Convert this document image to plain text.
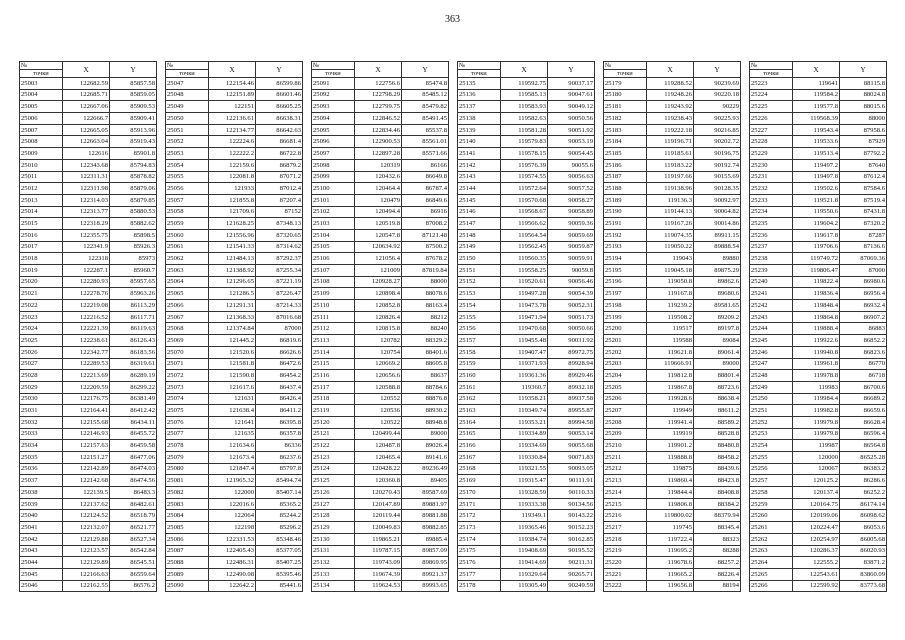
363
№	X	Y
точки		
25003	122682.59	85857.58
25004	122685.71	85859.05
25005	122667.06	85909.53
25006	122666.7	85909.41
25007	122665.05	85913.96
25008	122663.04	85919.43
25009	122616	85901.8
25010	122343.68	85794.83
25011	122311.31	85878.82
25012	122311.98	85879.06
25013	122314.03	85879.85
25014	122313.77	85880.53
25015	122318.29	85882.62
25016	122355.75	85898.5
25017	122341.9	85926.3
25018	122318	85973
25019	122287.1	85960.7
25020	122280.93	85957.65
25021	122278.76	85963.26
25022	122219.08	86113.29
25023	122216.52	86117.71
25024	122221.39	86119.63
25025	122238.61	86126.43
25026	122342.77	86183.56
25027	122289.53	86319.61
25028	122213.69	86289.19
25029	122209.59	86299.22
25030	122176.75	86381.49
25031	122164.41	86412.42
25032	122155.68	86434.11
25033	122146.93	86455.72
25034	122157.63	86459.58
25035	122151.27	86477.06
25036	122142.89	86474.03
25037	122142.68	86474.56
25038	122139.5	86483.3
25039	122137.62	86482.61
25040	122124.52	86518.79
25041	122132.07	86521.77
25042	122129.88	86527.34
25043	122123.57	86542.84
25044	122129.89	86545.51
25045	122166.63	86559.64
25046	122162.55	86576.2
№	X	Y
точки		
25047	122154.46	86599.86
25048	122151.89	86601.46
25049	122151	86605.25
25050	122136.61	86638.31
25051	122134.77	86642.63
25052	122224.6	86681.4
25053	122222.2	86722.8
25054	122159.6	86879.2
25055	122081.8	87071.2
25056	121933	87012.4
25057	121855.8	87207.4
25058	121709.6	87152
25059	121628.25	87348.13
25060	121556.96	87320.65
25061	121541.33	87314.62
25062	121484.13	87292.37
25063	121388.92	87255.34
25064	121296.65	87221.19
25065	121286.5	87226.47
25066	121291.31	87214.33
25067	121368.33	87016.68
25068	121374.84	87000
25069	121445.2	86819.6
25070	121520.6	86626.6
25071	121581.8	86472.6
25072	121590.8	86454.2
25073	121617.6	86437.4
25074	121631	86426.4
25075	121638.4	86411.2
25076	121641	86395.8
25077	121635	86357.8
25078	121634.6	86336
25079	121673.4	86237.6
25080	121847.4	85797.8
25081	121965.32	85494.74
25082	122000	85407.14
25083	122016.6	85365.2
25084	122064	85244.2
25085	122198	85296.2
25086	122331.53	85348.46
25087	122405.43	85377.05
25088	122486.31	85407.25
25089	122490.08	85395.46
25090	122642.2	85441.6
№	X	Y
точки		
25091	122756.6	85474.8
25092	122798.29	85485.12
25093	122799.75	85479.82
25094	122846.52	85491.45
25095	122834.46	85537.8
25096	122900.53	85561.01
25097	122897.28	85571.66
25098	120319	86166
25099	120432.6	86649.8
25100	120464.4	86787.4
25101	120479	86849.6
25102	120494.4	86916
25103	120519.8	87008.2
25104	120547.8	87121.48
25105	120634.92	87500.2
25106	121056.4	87678.2
25107	121009	87819.84
25108	120928.27	88000
25109	120898.4	88078.6
25110	120852.8	88163.4
25111	120826.4	88212
25112	120815.8	88240
25113	120782	88329.2
25114	120754	88401.6
25115	120669.2	88605.8
25116	120656.6	88637
25117	120588.8	88784.6
25118	120552	88876.8
25119	120536	88930.2
25120	120522	88948.8
25121	120499.44	89000
25122	120487.8	89026.4
25123	120465.4	89141.6
25124	120428.22	89236.49
25125	120360.8	89405
25126	120270.43	89587.69
25127	120147.89	89881.97
25128	120119.44	89881.88
25129	120049.83	89882.85
25130	119865.21	89885.4
25131	119787.15	89857.09
25132	119743.09	89869.95
25133	119674.39	89921.37
25134	119624.53	89993.65
№	X	Y
точки		
25135	119592.75	90037.17
25136	119585.13	90047.61
25137	119583.93	90049.12
25138	119582.63	90050.56
25139	119581.28	90051.92
25140	119579.83	90053.19
25141	119578.15	90054.45
25142	119576.39	90055.6
25143	119574.55	90056.63
25144	119572.64	90057.52
25145	119570.68	90058.27
25146	119568.67	90058.89
25147	119566.62	90059.36
25148	119564.54	90059.69
25149	119562.45	90059.87
25150	119560.35	90059.91
25151	119558.25	90059.8
25152	119520.61	90056.46
25153	119497.28	90054.39
25154	119473.78	90052.31
25155	119471.94	90051.73
25156	119470.68	90050.66
25157	119455.48	90031.92
25158	119407.47	89972.75
25159	119371.93	89928.94
25160	119361.36	89929.46
25161	119360.7	89932.18
25162	119358.21	89937.58
25163	119349.74	89955.87
25164	119353.21	89994.58
25165	119334.89	90053.14
25166	119334.69	90055.68
25167	119330.84	90071.83
25168	119321.55	90093.05
25169	119315.47	90111.91
25170	119328.59	90110.33
25171	119333.38	90134.56
25172	119349.1	90143.22
25173	119365.46	90152.23
25174	119384.74	90162.85
25175	119408.69	90195.52
25176	119414.69	90211.31
25177	119329.64	90265.71
25178	119305.49	90249.59
№	X	Y
точки		
25179	119288.52	90239.69
25180	119248.26	90220.18
25181	119243.92	90229
25182	119238.43	90225.93
25183	119222.18	90216.85
25184	119196.71	90202.72
25185	119185.61	90196.75
25186	119183.22	90192.74
25187	119197.66	90155.69
25188	119138.96	90128.35
25189	119136.3	90092.97
25190	119144.13	90064.82
25191	119167.26	90014.86
25192	119074.35	89911.15
25193	119050.22	89888.54
25194	119043	89880
25195	119045.18	89875.29
25196	119050.8	89862.6
25197	119167.8	89680.6
25198	119239.2	89581.65
25199	119508.2	89209.2
25200	119517	89197.8
25201	119588	89084
25202	119621.8	89061.4
25203	119666.91	89000
25204	119812.8	88801.4
25205	119867.8	88723.6
25206	119928.6	88638.4
25207	119949	88611.2
25208	119941.4	88589.2
25209	119919	88528.8
25210	119901.2	88480.8
25211	119888.8	88458.2
25212	119875	88439.6
25213	119860.4	88423.8
25214	119844.4	88408.8
25215	119806.8	88384.2
25216	119800.02	88379.94
25217	119745	88345.4
25218	119722.4	88323
25219	119695.2	88288
25220	119678.6	88257.2
25221	119665.2	88226.4
25222	119656.8	88194
№	X	Y
точки		
25223	119641	88115.8
25224	119584.2	88024.8
25225	119577.8	88015.6
25226	119568.39	88000
25227	119543.4	87958.6
25228	119533.6	87929
25229	119513.4	87792.2
25230	119497.2	87640
25231	119497.8	87612.4
25232	119502.6	87584.6
25233	119521.8	87519.4
25234	119550.6	87431.8
25235	119604.2	87320.2
25236	119617.8	87287
25237	119706.6	87136.6
25238	119749.72	87069.36
25239	119806.47	87000
25240	119822.4	86980.6
25241	119836.4	86956.4
25242	119848.4	86932.4
25243	119864.8	86907.2
25244	119888.4	86883
25245	119922.6	86852.2
25246	119940.8	86823.6
25247	119961.8	86770
25248	119978.8	86718
25249	119983	86700.6
25250	119984.4	86689.2
25251	119982.8	86659.6
25252	119979.8	86628.4
25253	119979.8	86596.4
25254	119987	86564.8
25255	120000	86525.28
25256	120067	86383.2
25257	120125.2	86286.6
25258	120137.4	86252.2
25259	120164.75	86174.14
25260	120199.06	86098.62
25261	120224.47	86053.6
25262	120254.97	86005.68
25263	120286.37	86020.93
25264	122555.2	83871.2
25265	122543.61	83860.09
25266	122599.92	83773.68
